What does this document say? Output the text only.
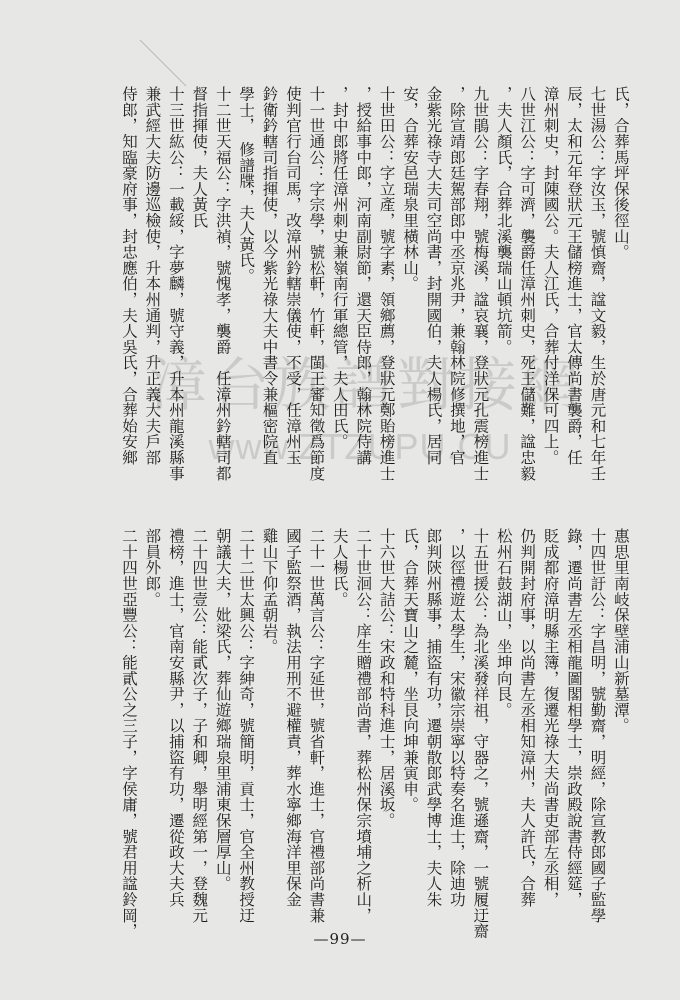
漳台族譜對接網
www.ZTZUPU.CU
氏，合葬馬坪保後徑山。
七世湯公：字汝玉，號慎齋，諡文毅，生於唐元和七年壬
辰，太和元年登狀元王儲榜進士，官太傳尚書襲爵，任
漳州刺史，封陳國公。夫人江氏，合葬付洋保可四上。
八世江公：字可濟，襲爵任漳州刺史，死王儲難，諡忠毅
，夫人顏氏，合葬北溪襲瑞山頓坑箭。
九世鵑公：字春翔，號梅溪，諡哀襄，登狀元孔震榜進士
，除宣靖郎廷駕部郎中丞京兆尹，兼翰林院修撰地，官
金紫光祿寺大夫司空尚書，封開國伯，夫人楊氏，居同
安，合葬安邑瑞泉里橫林山。
十世田公：字立產，號字素，領鄉薦，登狀元鄭貽榜進士
，授給事中郎，河南副尉節，還天臣侍郎，翰林院侍講
，封中郎將任漳州刺史兼嶺南行軍總管，夫人田氏。
十一世通公：字宗學，號松軒，竹軒，閩王審知徵爲節度
使判官行台司馬，改漳州鈐轄崇儀使，不受，任漳州玉
鈐衛鈐轄司指揮使，以今紫光祿大夫中書令兼樞密院直
學士，　修譜牒，夫人黃氏。
十二世天福公：字洪禎，號愧孝，襲爵　任漳州鈐轄司都
督指揮使，夫人黃氏
十三世紘公：一載綏，字夢麟，號守義，升本州龍溪縣事
兼武經大夫防邊巡檢使，升本州通判，升正義大夫戶部
侍郎，知臨豪府事，封忠應伯，夫人吳氏，合葬始安鄉
惠思里南岐保壁浦山新墓潭。
十四世訏公：字昌明，號勤齋，明經，除宣教郎國子監學
錄，遷尚書左丞相龍圖閣相學士，崇政殿說書侍經筵，
貶成都府漳明縣主簿，復遷光祿大夫尚書吏部左丞相，
仍判開封府事，以尚書左丞相知漳州，夫人許氏，合葬
松州石鼓湖山，坐坤向艮。
十五世援公：為北溪發祥祖，守器之，號遜齋，一號履迂齋
，以徑禮遊太學生，宋徽宗崇寧以特奏名進士，除迪功
郎判陝州縣事，捕盜有功，遷朝散郎武學博士，夫人朱
氏，合葬天寶山之麓，坐艮向坤兼寅申。
十六世大詰公：宋政和特科進士，居溪坂。
二十世洄公：庠生贈禮部尚書，葬松州保宗墳埔之析山，
夫人楊氏。
二十一世萬言公：字延世，號省軒，進士，官禮部尚書兼
國子監祭酒，執法用刑不避權責，葬水寧鄉海洋里保金
雞山下仰孟朝岩。
二十二世太興公：字紳奇，號簡明，貢士，官全州教授迂
朝議大夫，妣梁氏，葬仙遊鄉瑞泉里浦東保層厚山。
二十四世壹公：能貳次子，子和卿，舉明經第一，登魏元
禮榜，進士，官南安縣尹，以捕盜有功，遷從政大夫兵
部員外郎。
二十四世亞豐公：能貳公之三子，字侯庸，號君用諡鈴岡，
—99—
